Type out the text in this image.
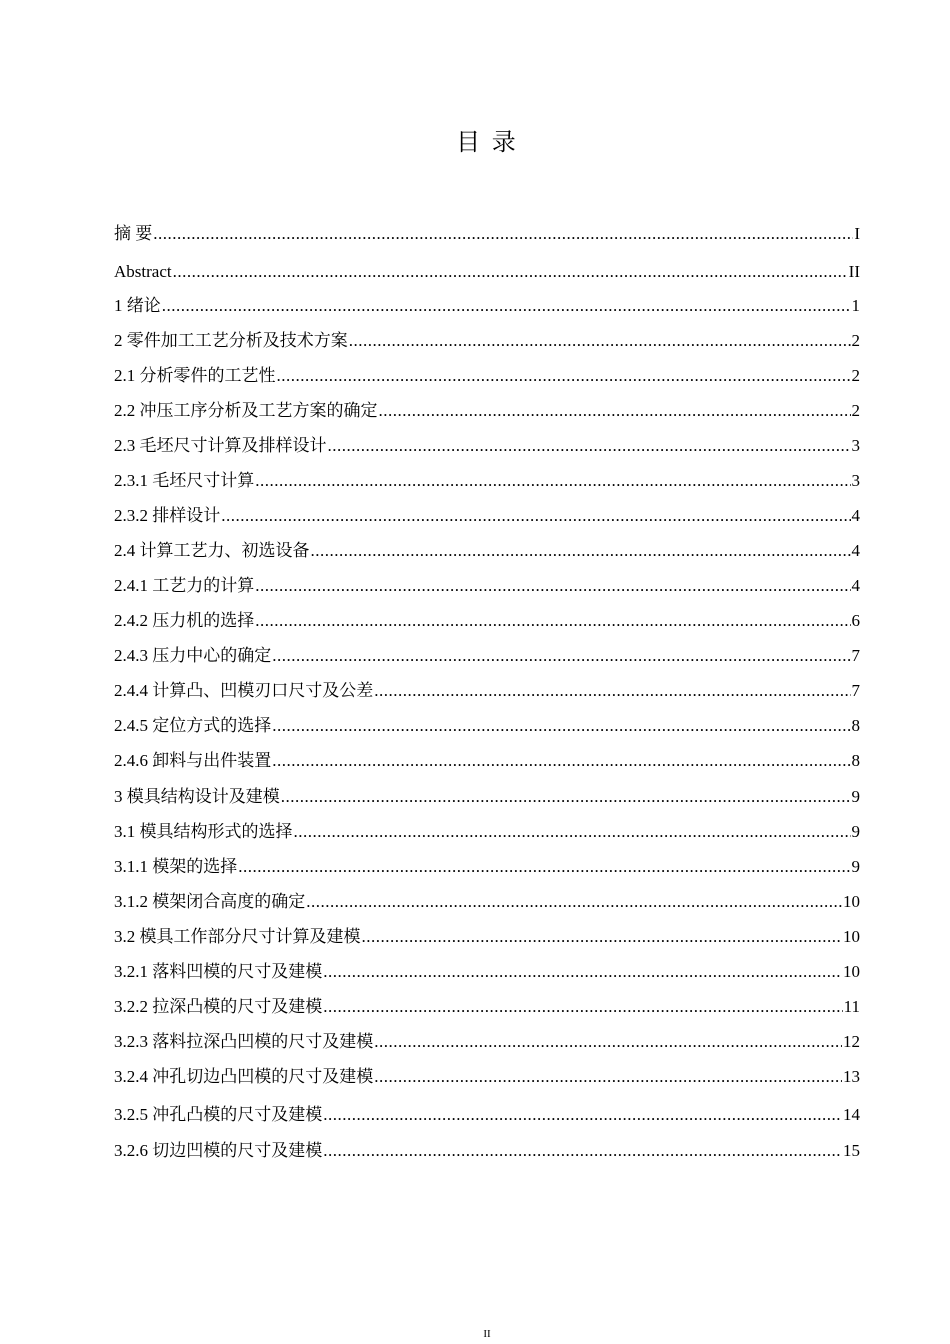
目 录
摘 要 .....	I
Abstract .....	II
1 绪论 .....	1
2 零件加工工艺分析及技术方案 .....	2
2.1 分析零件的工艺性 .....	2
2.2 冲压工序分析及工艺方案的确定 .....	2
2.3 毛坯尺寸计算及排样设计 .....	3
2.3.1 毛坯尺寸计算 .....	3
2.3.2 排样设计 .....	4
2.4 计算工艺力、初选设备 .....	4
2.4.1 工艺力的计算 .....	4
2.4.2 压力机的选择 .....	6
2.4.3 压力中心的确定 .....	7
2.4.4 计算凸、凹模刃口尺寸及公差 .....	7
2.4.5 定位方式的选择 .....	8
2.4.6 卸料与出件装置 .....	8
3 模具结构设计及建模 .....	9
3.1 模具结构形式的选择 .....	9
3.1.1 模架的选择 .....	9
3.1.2 模架闭合高度的确定 .....	10
3.2 模具工作部分尺寸计算及建模 .....	10
3.2.1 落料凹模的尺寸及建模 .....	10
3.2.2 拉深凸模的尺寸及建模 .....	11
3.2.3 落料拉深凸凹模的尺寸及建模 .....	12
3.2.4 冲孔切边凸凹模的尺寸及建模 .....	13
3.2.5 冲孔凸模的尺寸及建模 .....	14
3.2.6 切边凹模的尺寸及建模 .....	15
II
